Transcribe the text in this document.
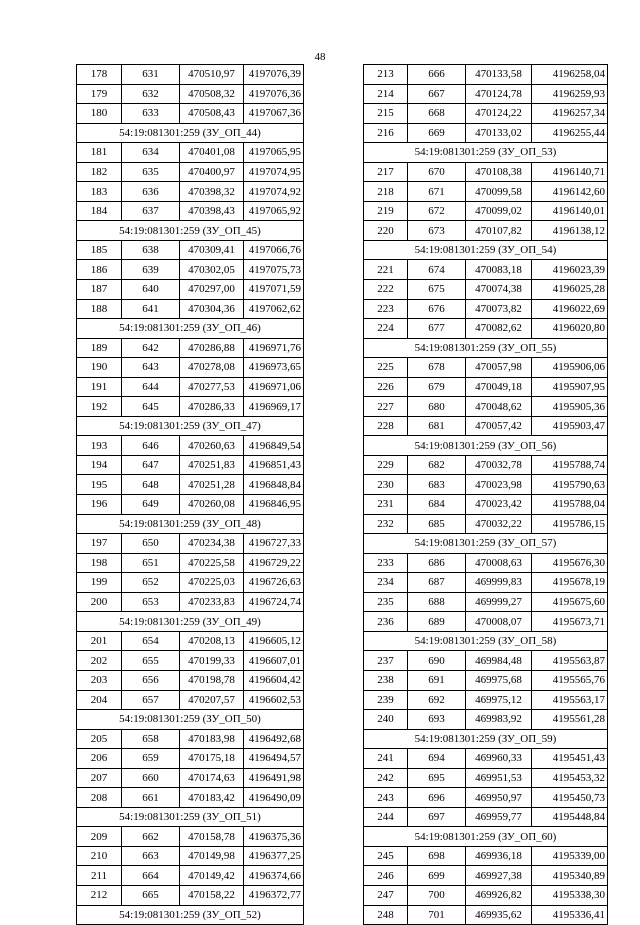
48
178	631	470510,97	4197076,39
179	632	470508,32	4197076,36
180	633	470508,43	4197067,36
54:19:081301:259 (ЗУ_ОП_44)			
181	634	470401,08	4197065,95
182	635	470400,97	4197074,95
183	636	470398,32	4197074,92
184	637	470398,43	4197065,92
54:19:081301:259 (ЗУ_ОП_45)			
185	638	470309,41	4197066,76
186	639	470302,05	4197075,73
187	640	470297,00	4197071,59
188	641	470304,36	4197062,62
54:19:081301:259 (ЗУ_ОП_46)			
189	642	470286,88	4196971,76
190	643	470278,08	4196973,65
191	644	470277,53	4196971,06
192	645	470286,33	4196969,17
54:19:081301:259 (ЗУ_ОП_47)			
193	646	470260,63	4196849,54
194	647	470251,83	4196851,43
195	648	470251,28	4196848,84
196	649	470260,08	4196846,95
54:19:081301:259 (ЗУ_ОП_48)			
197	650	470234,38	4196727,33
198	651	470225,58	4196729,22
199	652	470225,03	4196726,63
200	653	470233,83	4196724,74
54:19:081301:259 (ЗУ_ОП_49)			
201	654	470208,13	4196605,12
202	655	470199,33	4196607,01
203	656	470198,78	4196604,42
204	657	470207,57	4196602,53
54:19:081301:259 (ЗУ_ОП_50)			
205	658	470183,98	4196492,68
206	659	470175,18	4196494,57
207	660	470174,63	4196491,98
208	661	470183,42	4196490,09
54:19:081301:259 (ЗУ_ОП_51)			
209	662	470158,78	4196375,36
210	663	470149,98	4196377,25
211	664	470149,42	4196374,66
212	665	470158,22	4196372,77
54:19:081301:259 (ЗУ_ОП_52)			
213	666	470133,58	4196258,04
214	667	470124,78	4196259,93
215	668	470124,22	4196257,34
216	669	470133,02	4196255,44
54:19:081301:259 (ЗУ_ОП_53)			
217	670	470108,38	4196140,71
218	671	470099,58	4196142,60
219	672	470099,02	4196140,01
220	673	470107,82	4196138,12
54:19:081301:259 (ЗУ_ОП_54)			
221	674	470083,18	4196023,39
222	675	470074,38	4196025,28
223	676	470073,82	4196022,69
224	677	470082,62	4196020,80
54:19:081301:259 (ЗУ_ОП_55)			
225	678	470057,98	4195906,06
226	679	470049,18	4195907,95
227	680	470048,62	4195905,36
228	681	470057,42	4195903,47
54:19:081301:259 (ЗУ_ОП_56)			
229	682	470032,78	4195788,74
230	683	470023,98	4195790,63
231	684	470023,42	4195788,04
232	685	470032,22	4195786,15
54:19:081301:259 (ЗУ_ОП_57)			
233	686	470008,63	4195676,30
234	687	469999,83	4195678,19
235	688	469999,27	4195675,60
236	689	470008,07	4195673,71
54:19:081301:259 (ЗУ_ОП_58)			
237	690	469984,48	4195563,87
238	691	469975,68	4195565,76
239	692	469975,12	4195563,17
240	693	469983,92	4195561,28
54:19:081301:259 (ЗУ_ОП_59)			
241	694	469960,33	4195451,43
242	695	469951,53	4195453,32
243	696	469950,97	4195450,73
244	697	469959,77	4195448,84
54:19:081301:259 (ЗУ_ОП_60)			
245	698	469936,18	4195339,00
246	699	469927,38	4195340,89
247	700	469926,82	4195338,30
248	701	469935,62	4195336,41
